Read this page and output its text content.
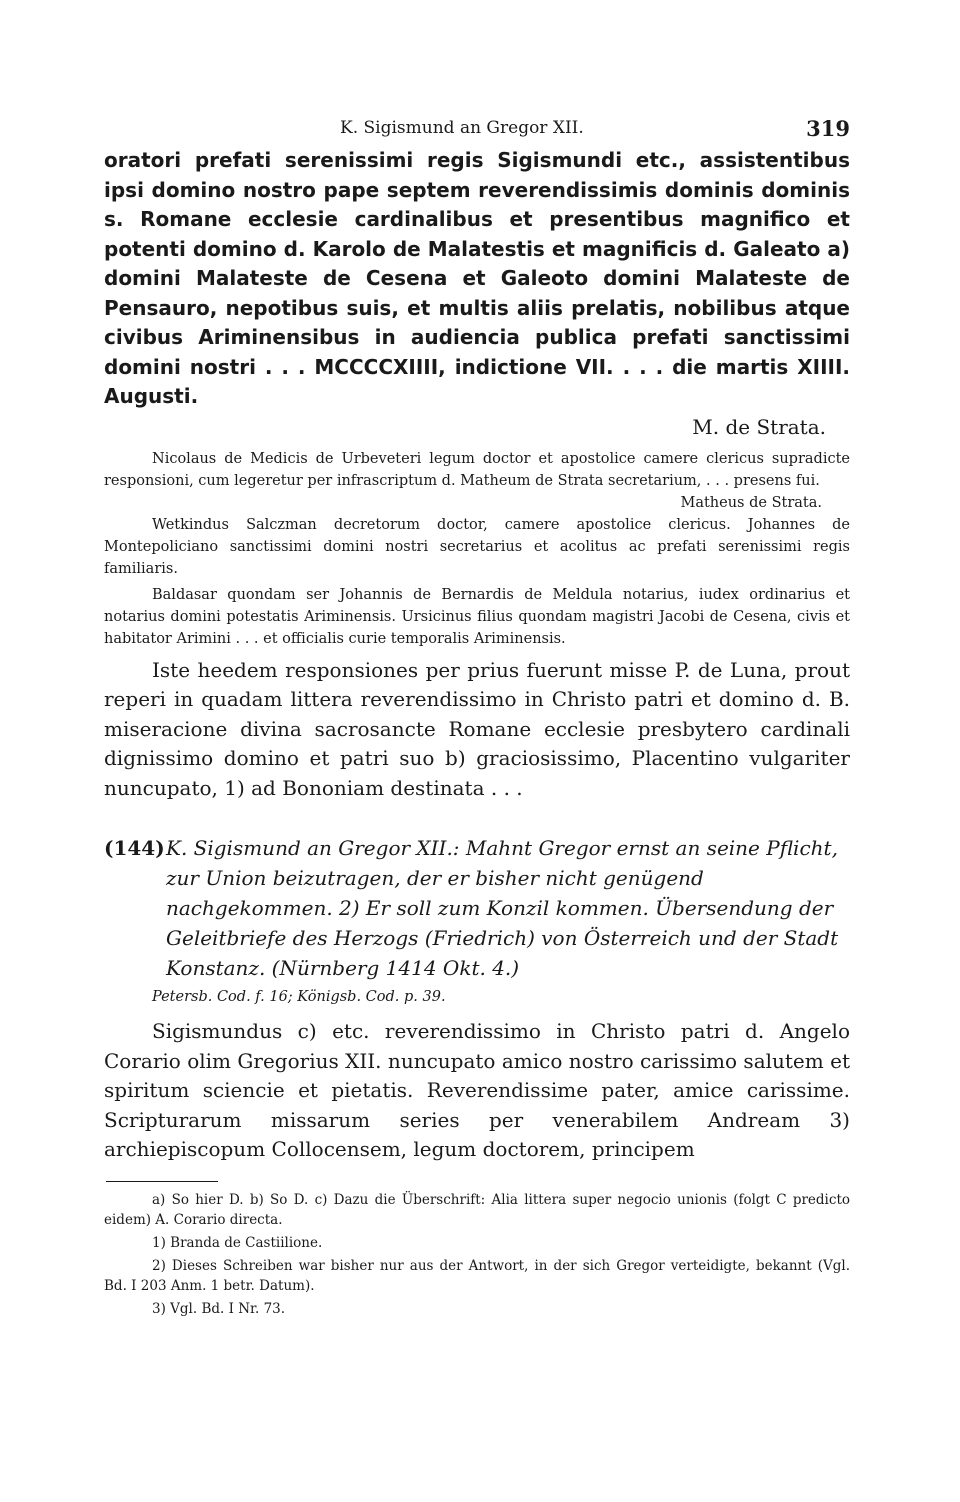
K. Sigismund an Gregor XII.	319

oratori prefati serenissimi regis Sigismundi etc., assistentibus ipsi domino nostro pape septem reverendissimis dominis dominis s. Romane ecclesie cardinalibus et presentibus magnifico et potenti domino d. Karolo de Malatestis et magnificis d. Galeato a) domini Malateste de Cesena et Galeoto domini Malateste de Pensauro, nepotibus suis, et multis aliis prelatis, nobilibus atque civibus Ariminensibus in audiencia publica prefati sanctissimi domini nostri . . . MCCCCXIIII, indictione VII. . . . die martis XIIII. Augusti.

M. de Strata.

Nicolaus de Medicis de Urbeveteri legum doctor et apostolice camere clericus supradicte responsioni, cum legeretur per infrascriptum d. Matheum de Strata secretarium, . . . presens fui.
Matheus de Strata.

Wetkindus Salczman decretorum doctor, camere apostolice clericus. Johannes de Montepoliciano sanctissimi domini nostri secretarius et acolitus ac prefati serenissimi regis familiaris.

Baldasar quondam ser Johannis de Bernardis de Meldula notarius, iudex ordinarius et notarius domini potestatis Ariminensis. Ursicinus filius quondam magistri Jacobi de Cesena, civis et habitator Arimini . . . et officialis curie temporalis Ariminensis.

Iste heedem responsiones per prius fuerunt misse P. de Luna, prout reperi in quadam littera reverendissimo in Christo patri et domino d. B. miseracione divina sacrosancte Romane ecclesie presbytero cardinali dignissimo domino et patri suo b) graciosissimo, Placentino vulgariter nuncupato, 1) ad Bononiam destinata . . .

(144) K. Sigismund an Gregor XII.: Mahnt Gregor ernst an seine Pflicht, zur Union beizutragen, der er bisher nicht genügend nachgekommen. 2) Er soll zum Konzil kommen. Übersendung der Geleitbriefe des Herzogs (Friedrich) von Österreich und der Stadt Konstanz. (Nürnberg 1414 Okt. 4.)
Petersb. Cod. f. 16; Königsb. Cod. p. 39.

Sigismundus c) etc. reverendissimo in Christo patri d. Angelo Corario olim Gregorius XII. nuncupato amico nostro carissimo salutem et spiritum sciencie et pietatis. Reverendissime pater, amice carissime. Scripturarum missarum series per venerabilem Andream 3) archiepiscopum Collocensem, legum doctorem, principem

a) So hier D. b) So D. c) Dazu die Überschrift: Alia littera super negocio unionis (folgt C predicto eidem) A. Corario directa.

1) Branda de Castiilione.

2) Dieses Schreiben war bisher nur aus der Antwort, in der sich Gregor verteidigte, bekannt (Vgl. Bd. I 203 Anm. 1 betr. Datum).

3) Vgl. Bd. I Nr. 73.
